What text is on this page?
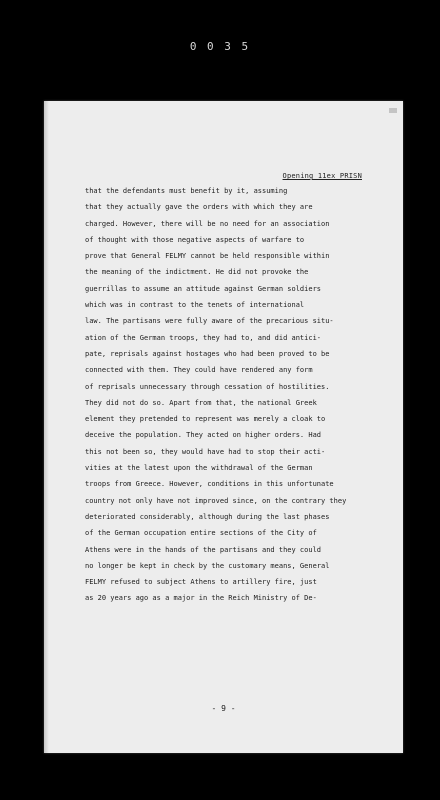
0 0 3 5
Opening 11ex PRISN
that the defendants must benefit by it, assuming
that they actually gave the orders with which they are
charged. However, there will be no need for an association
of thought with those negative aspects of warfare to
prove that General FELMY cannot be held responsible within
the meaning of the indictment. He did not provoke the
guerrillas to assume an attitude against German soldiers
which was in contrast to the tenets of international
law. The partisans were fully aware of the precarious situ-
ation of the German troops, they had to, and did antici-
pate, reprisals against hostages who had been proved to be
connected with them. They could have rendered any form
of reprisals unnecessary through cessation of hostilities.
They did not do so. Apart from that, the national Greek
element they pretended to represent was merely a cloak to
deceive the population. They acted on higher orders. Had
this not been so, they would have had to stop their acti-
vities at the latest upon the withdrawal of the German
troops from Greece. However, conditions in this unfortunate
country not only have not improved since, on the contrary they
deteriorated considerably, although during the last phases
of the German occupation entire sections of the City of
Athens were in the hands of the partisans and they could
no longer be kept in check by the customary means, General
FELMY refused to subject Athens to artillery fire, just
as 20 years ago as a major in the Reich Ministry of De-
- 9 -
